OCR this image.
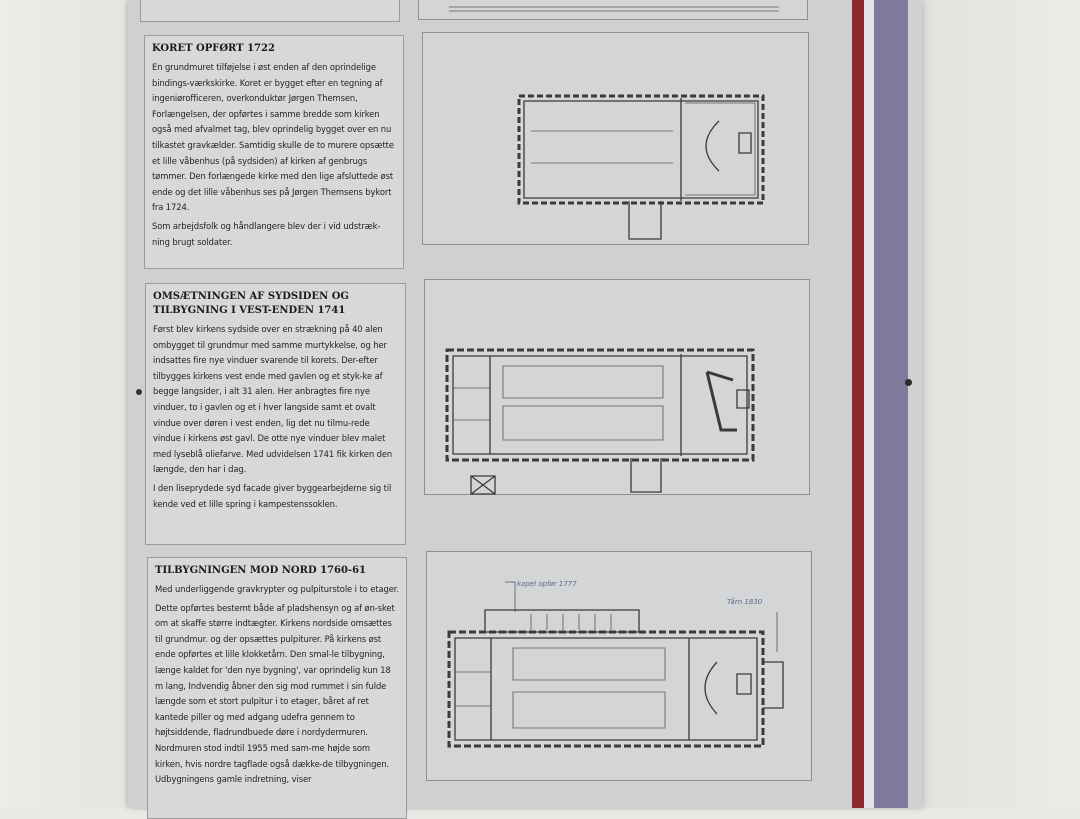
KORET OPFØRT 1722

En grundmuret tilføjelse i øst enden af den oprindelige bindings-værkskirke. Koret er bygget efter en tegning af ingeniørofficeren, overkonduktør Jørgen Themsen, Forlængelsen, der opførtes i samme bredde som kirken også med afvalmet tag, blev oprindelig bygget over en nu tilkastet gravkælder. Samtidig skulle de to murere opsætte et lille våbenhus (på sydsiden) af kirken af genbrugs tømmer. Den forlængede kirke med den lige afsluttede øst ende og det lille våbenhus ses på Jørgen Themsens bykort fra 1724.

Som arbejdsfolk og håndlangere blev der i vid udstræk-ning brugt soldater.

OMSÆTNINGEN AF SYDSIDEN OG TILBYGNING I VEST-ENDEN 1741

Først blev kirkens sydside over en strækning på 40 alen ombygget til grundmur med samme murtykkelse, og her indsattes fire nye vinduer svarende til korets. Der-efter tilbygges kirkens vest ende med gavlen og et styk-ke af begge langsider, i alt 31 alen. Her anbragtes fire nye vinduer, to i gavlen og et i hver langside samt et ovalt vindue over døren i vest enden, lig det nu tilmu-rede vindue i kirkens øst gavl. De otte nye vinduer blev malet med lyseblå oliefarve. Med udvidelsen 1741 fik kirken den længde, den har i dag.

I den liseprydede syd facade giver byggearbejderne sig til kende ved et lille spring i kampestenssoklen.

TILBYGNINGEN MOD NORD 1760-61

Med underliggende gravkrypter og pulpiturstole i to etager.

Dette opførtes bestemt både af pladshensyn og af øn-sket om at skaffe større indtægter. Kirkens nordside omsættes til grundmur. og der opsættes pulpiturer. På kirkens øst ende opførtes et lille klokketårn. Den smal-le tilbygning, længe kaldet for 'den nye bygning', var oprindelig kun 18 m lang, Indvendig åbner den sig mod rummet i sin fulde længde som et stort pulpitur i to etager, båret af ret kantede piller og med adgang udefra gennem to højtsiddende, fladrundbuede døre i nordydermuren. Nordmuren stod indtil 1955 med sam-me højde som kirken, hvis nordre tagflade også dække-de tilbygningen. Udbygningens gamle indretning, viser

kapel opfør 1777
Tårn 1830
